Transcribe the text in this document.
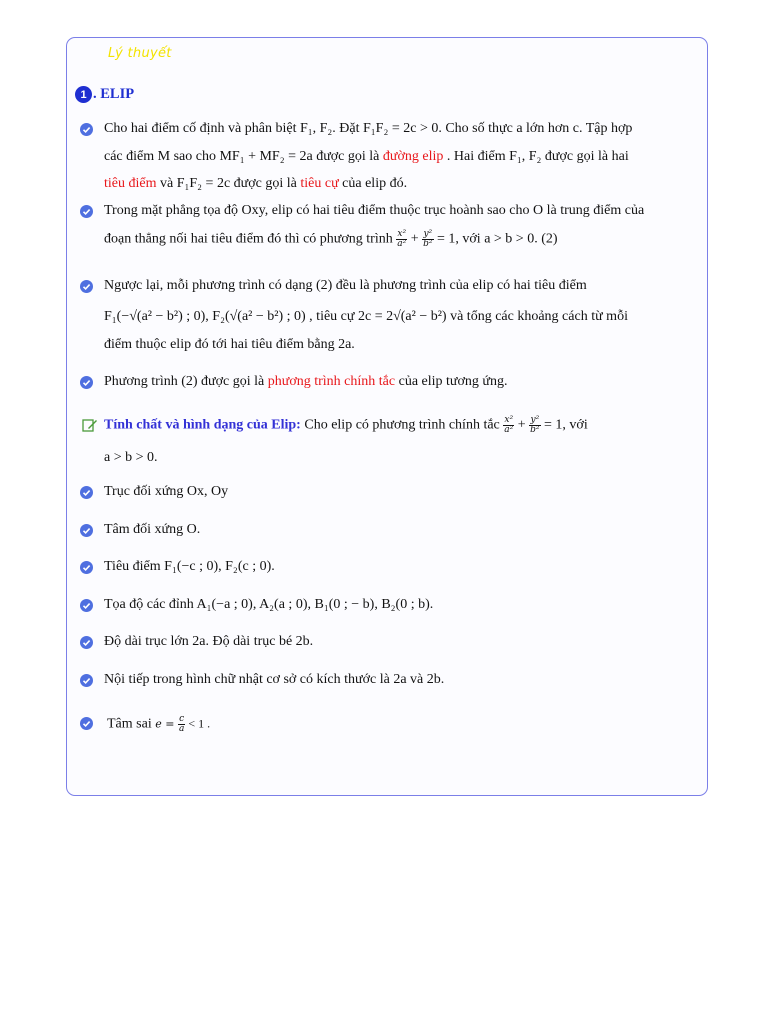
Lý thuyết
1 . ELIP
Cho hai điểm cố định và phân biệt F₁, F₂. Đặt F₁F₂ = 2c > 0. Cho số thực a lớn hơn c. Tập hợp
các điểm M sao cho MF₁ + MF₂ = 2a được gọi là đường elip . Hai điểm F₁, F₂ được gọi là hai
tiêu điểm và F₁F₂ = 2c được gọi là tiêu cự của elip đó.
Trong mặt phẳng tọa độ Oxy, elip có hai tiêu điểm thuộc trục hoành sao cho O là trung điểm của
đoạn thẳng nối hai tiêu điểm đó thì có phương trình $\frac{\text{x²}}{\text{a²}} + \frac{\text{y²}}{\text{b²}} = 1$, với a > b > 0. (2)
Ngược lại, mỗi phương trình có dạng (2) đều là phương trình của elip có hai tiêu điểm
F₁(−√(a² − b²) ; 0), F₂(√(a² − b²) ; 0) , tiêu cự 2c = 2√(a² − b²) và tổng các khoảng cách từ mỗi
điểm thuộc elip đó tới hai tiêu điểm bằng 2a.
Phương trình (2) được gọi là phương trình chính tắc của elip tương ứng.
Tính chất và hình dạng của Elip: Cho elip có phương trình chính tắc $\frac{\text{x²}}{\text{a²}} + \frac{\text{y²}}{\text{b²}} = 1$, với
a > b > 0.
Trục đối xứng Ox, Oy
Tâm đối xứng O.
Tiêu điểm F₁(−c ; 0), F₂(c ; 0).
Tọa độ các đỉnh A₁(−a ; 0), A₂(a ; 0), B₁(0 ; − b), B₂(0 ; b).
Độ dài trục lớn 2a. Độ dài trục bé 2b.
Nội tiếp trong hình chữ nhật cơ sở có kích thước là 2a và 2b.
Tâm sai $e = \frac{c}{a} < 1$ .
